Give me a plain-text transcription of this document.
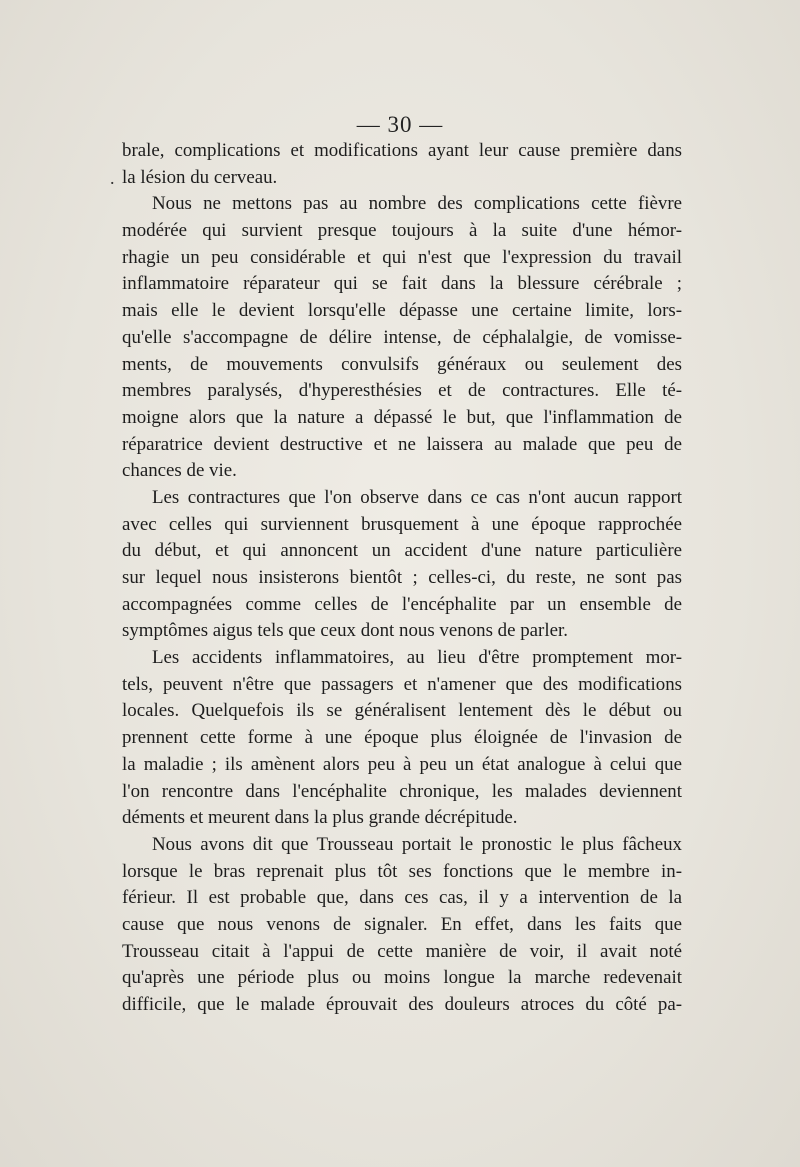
— 30 —
.
brale, complications et modifications ayant leur cause première dans
la lésion du cerveau.
Nous ne mettons pas au nombre des complications cette fièvre
modérée qui survient presque toujours à la suite d'une hémor-
rhagie un peu considérable et qui n'est que l'expression du travail
inflammatoire réparateur qui se fait dans la blessure cérébrale ;
mais elle le devient lorsqu'elle dépasse une certaine limite, lors-
qu'elle s'accompagne de délire intense, de céphalalgie, de vomisse-
ments, de mouvements convulsifs généraux ou seulement des
membres paralysés, d'hyperesthésies et de contractures. Elle té-
moigne alors que la nature a dépassé le but, que l'inflammation de
réparatrice devient destructive et ne laissera au malade que peu de
chances de vie.
Les contractures que l'on observe dans ce cas n'ont aucun rapport
avec celles qui surviennent brusquement à une époque rapprochée
du début, et qui annoncent un accident d'une nature particulière
sur lequel nous insisterons bientôt ; celles-ci, du reste, ne sont pas
accompagnées comme celles de l'encéphalite par un ensemble de
symptômes aigus tels que ceux dont nous venons de parler.
Les accidents inflammatoires, au lieu d'être promptement mor-
tels, peuvent n'être que passagers et n'amener que des modifications
locales. Quelquefois ils se généralisent lentement dès le début ou
prennent cette forme à une époque plus éloignée de l'invasion de
la maladie ; ils amènent alors peu à peu un état analogue à celui que
l'on rencontre dans l'encéphalite chronique, les malades deviennent
déments et meurent dans la plus grande décrépitude.
Nous avons dit que Trousseau portait le pronostic le plus fâcheux
lorsque le bras reprenait plus tôt ses fonctions que le membre in-
férieur. Il est probable que, dans ces cas, il y a intervention de la
cause que nous venons de signaler. En effet, dans les faits que
Trousseau citait à l'appui de cette manière de voir, il avait noté
qu'après une période plus ou moins longue la marche redevenait
difficile, que le malade éprouvait des douleurs atroces du côté pa-
